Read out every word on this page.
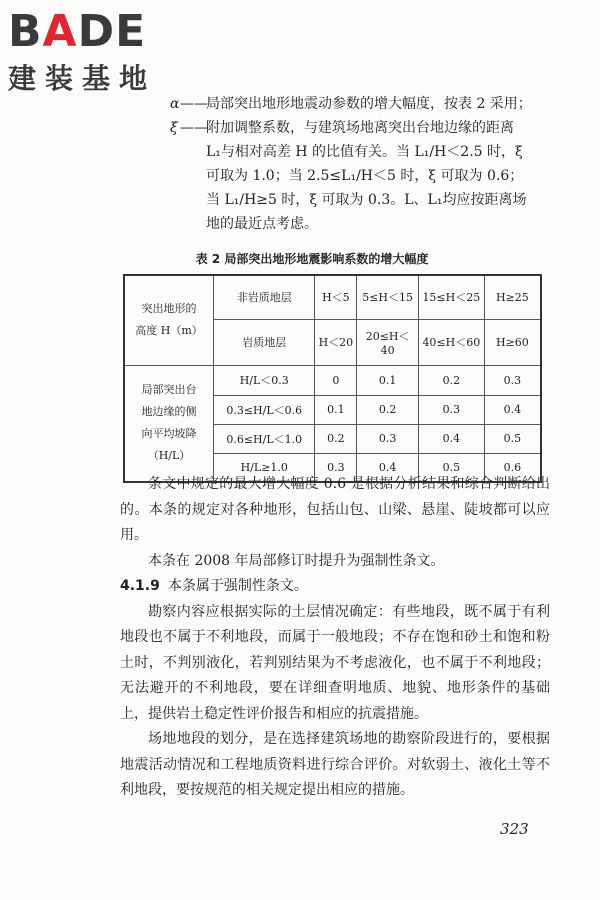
BADE
建装基地
α ——
局部突出地形地震动参数的增大幅度，按表 2 采用；
ξ ——
附加调整系数，与建筑场地离突出台地边缘的距离
L₁与相对高差 H 的比值有关。当 L₁/H＜2.5 时，ξ
可取为 1.0；当 2.5≤L₁/H＜5 时，ξ 可取为 0.6；
当 L₁/H≥5 时，ξ 可取为 0.3。L、L₁均应按距离场
地的最近点考虑。
表 2 局部突出地形地震影响系数的增大幅度
突出地形的
高度 H（m）	非岩质地层	H＜5	5≤H＜15	15≤H＜25	H≥25
	岩质地层	H＜20	20≤H＜40	40≤H＜60	H≥60

局部突出台
地边缘的侧
向平均坡降
（H/L）	H/L＜0.3	0	0.1	0.2	0.3
	0.3≤H/L＜0.6	0.1	0.2	0.3	0.4
	0.6≤H/L＜1.0	0.2	0.3	0.4	0.5
	H/L≥1.0	0.3	0.4	0.5	0.6

条文中规定的最大增大幅度 0.6 是根据分析结果和综合判断给出的。本条的规定对各种地形，包括山包、山梁、悬崖、陡坡都可以应用。

本条在 2008 年局部修订时提升为强制性条文。

4.1.9 本条属于强制性条文。

勘察内容应根据实际的土层情况确定：有些地段，既不属于有利地段也不属于不利地段，而属于一般地段；不存在饱和砂土和饱和粉土时，不判别液化，若判别结果为不考虑液化，也不属于不利地段；无法避开的不利地段，要在详细查明地质、地貌、地形条件的基础上，提供岩土稳定性评价报告和相应的抗震措施。

场地地段的划分，是在选择建筑场地的勘察阶段进行的，要根据地震活动情况和工程地质资料进行综合评价。对软弱土、液化土等不利地段，要按规范的相关规定提出相应的措施。

323
